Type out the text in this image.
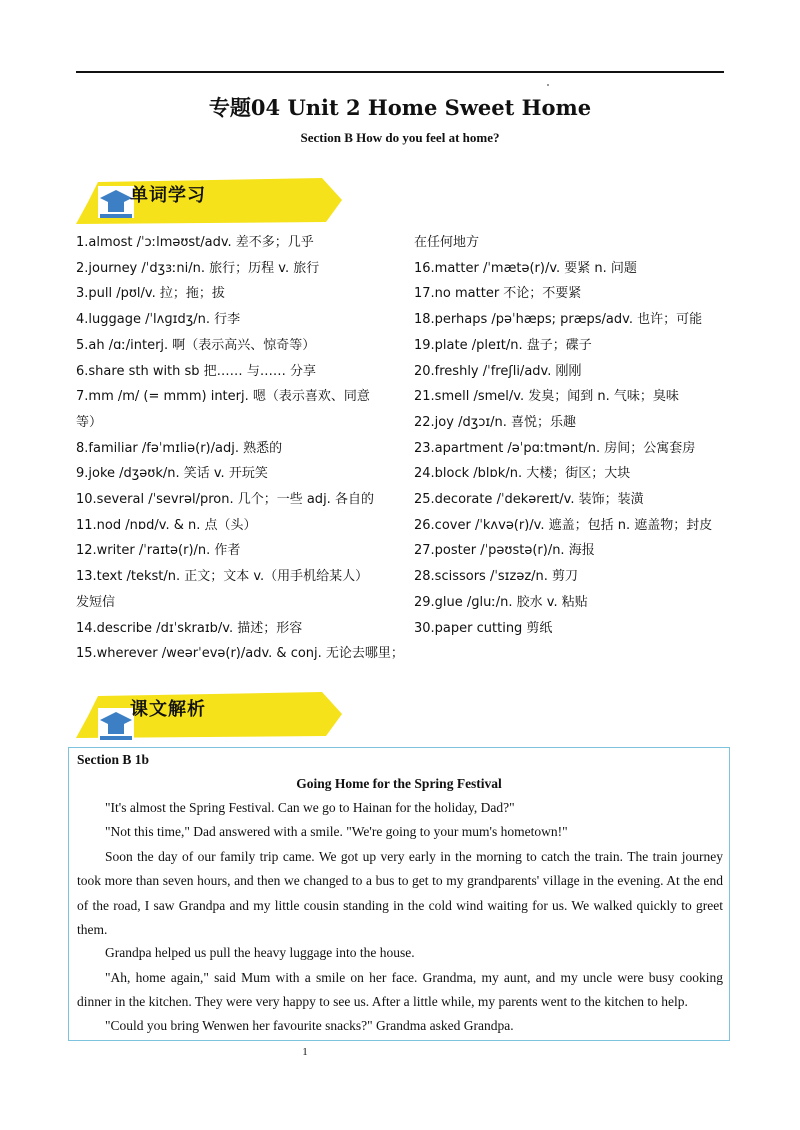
专题04 Unit 2 Home Sweet Home
Section B How do you feel at home?
单词学习
1.almost /ˈɔːlməʊst/adv. 差不多；几乎
2.journey /ˈdʒɜːni/n. 旅行；历程 v. 旅行
3.pull /pʊl/v. 拉；拖；拔
4.luggage /ˈlʌɡɪdʒ/n. 行李
5.ah /ɑː/interj. 啊（表示高兴、惊奇等）
6.share sth with sb 把…… 与…… 分享
7.mm /m/ (= mmm) interj. 嗯（表示喜欢、同意
等）
8.familiar /fəˈmɪliə(r)/adj. 熟悉的
9.joke /dʒəʊk/n. 笑话 v. 开玩笑
10.several /ˈsevrəl/pron. 几个；一些 adj. 各自的
11.nod /nɒd/v. & n. 点（头）
12.writer /ˈraɪtə(r)/n. 作者
13.text /tekst/n. 正文；文本 v.（用手机给某人）
发短信
14.describe /dɪˈskraɪb/v. 描述；形容
15.wherever /weərˈevə(r)/adv. & conj. 无论去哪里；
在任何地方
16.matter /ˈmætə(r)/v. 要紧 n. 问题
17.no matter 不论；不要紧
18.perhaps /pəˈhæps; præps/adv. 也许；可能
19.plate /pleɪt/n. 盘子；碟子
20.freshly /ˈfreʃli/adv. 刚刚
21.smell /smel/v. 发臭；闻到 n. 气味；臭味
22.joy /dʒɔɪ/n. 喜悦；乐趣
23.apartment /əˈpɑːtmənt/n. 房间；公寓套房
24.block /blɒk/n. 大楼；街区；大块
25.decorate /ˈdekəreɪt/v. 装饰；装潢
26.cover /ˈkʌvə(r)/v. 遮盖；包括 n. 遮盖物；封皮
27.poster /ˈpəʊstə(r)/n. 海报
28.scissors /ˈsɪzəz/n. 剪刀
29.glue /ɡluː/n. 胶水 v. 粘贴
30.paper cutting 剪纸
课文解析
Section B 1b
Going Home for the Spring Festival
"It's almost the Spring Festival. Can we go to Hainan for the holiday, Dad?"
"Not this time," Dad answered with a smile. "We're going to your mum's hometown!"
Soon the day of our family trip came. We got up very early in the morning to catch the train. The train journey took more than seven hours, and then we changed to a bus to get to my grandparents' village in the evening. At the end of the road, I saw Grandpa and my little cousin standing in the cold wind waiting for us. We walked quickly to greet them.
Grandpa helped us pull the heavy luggage into the house.
"Ah, home again," said Mum with a smile on her face. Grandma, my aunt, and my uncle were busy cooking dinner in the kitchen. They were very happy to see us. After a little while, my parents went to the kitchen to help.
"Could you bring Wenwen her favourite snacks?" Grandma asked Grandpa.
1
